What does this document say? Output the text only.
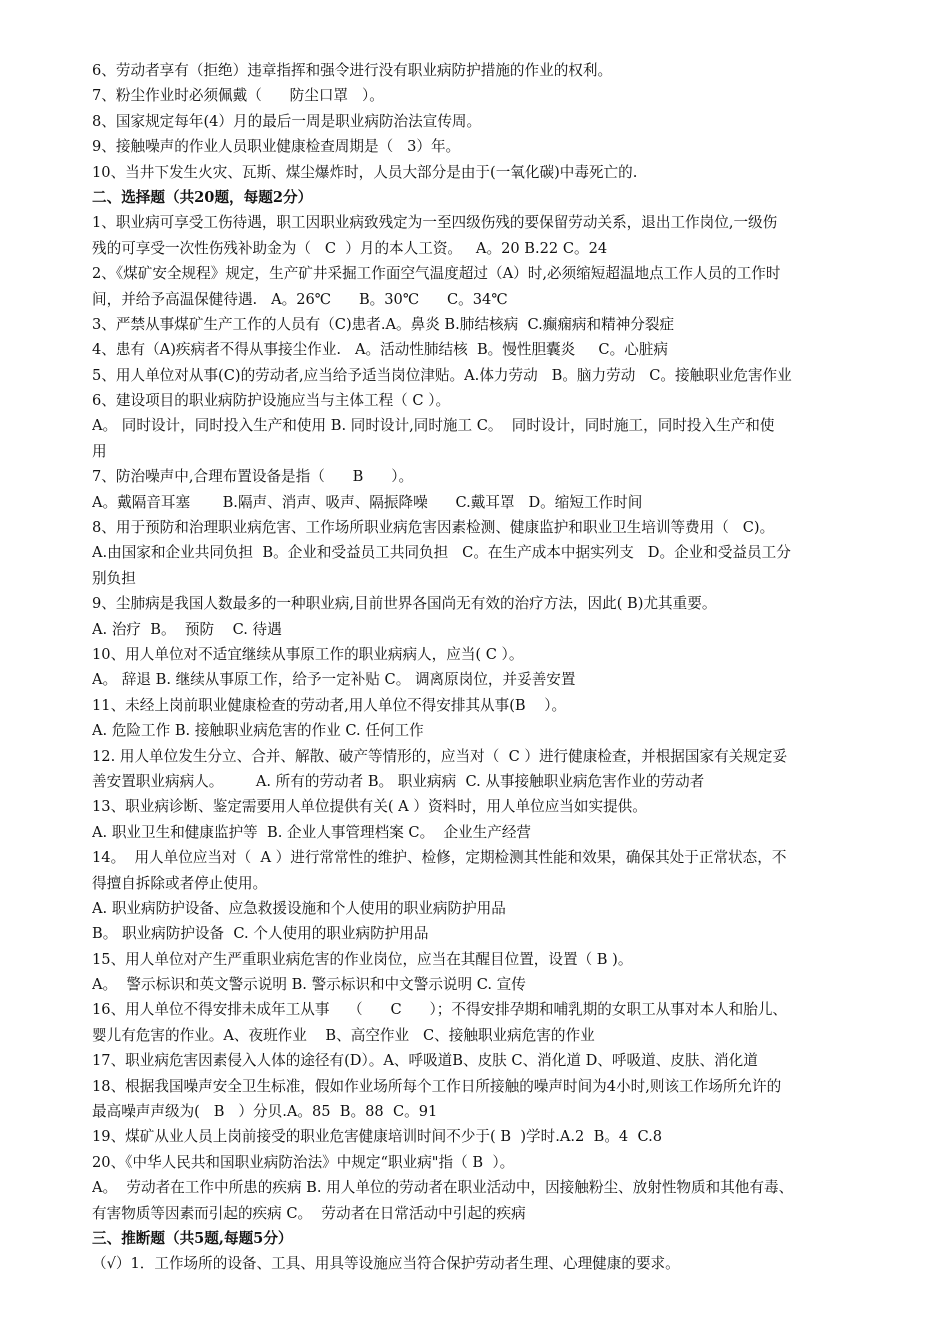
6、劳动者享有（拒绝）违章指挥和强令进行没有职业病防护措施的作业的权利。
7、粉尘作业时必须佩戴（      防尘口罩   ）。
8、国家规定每年(4）月的最后一周是职业病防治法宣传周。
9、接触噪声的作业人员职业健康检查周期是（   3）年。
10、当井下发生火灾、瓦斯、煤尘爆炸时，人员大部分是由于(一氧化碳)中毒死亡的.
二、选择题（共20题，每题2分）
1、职业病可享受工伤待遇，职工因职业病致残定为一至四级伤残的要保留劳动关系，退出工作岗位,一级伤
残的可享受一次性伤残补助金为（   C  ）月的本人工资。   A。20 B.22 C。24
2、《煤矿安全规程》规定，生产矿井采掘工作面空气温度超过（A）时,必须缩短超温地点工作人员的工作时
间，并给予高温保健待遇.   A。26℃      B。30℃      C。34℃
3、严禁从事煤矿生产工作的人员有（C)患者.A。鼻炎 B.肺结核病  C.癫痫病和精神分裂症
4、患有（A)疾病者不得从事接尘作业.   A。活动性肺结核  B。慢性胆囊炎     C。心脏病
5、用人单位对从事(C)的劳动者,应当给予适当岗位津贴。A.体力劳动   B。脑力劳动   C。接触职业危害作业
6、建设项目的职业病防护设施应当与主体工程（ C ）。
A。 同时设计，同时投入生产和使用 B. 同时设计,同时施工 C。  同时设计，同时施工，同时投入生产和使
用
7、防治噪声中,合理布置设备是指（      B      ）。
A。戴隔音耳塞       B.隔声、消声、吸声、隔振降噪      C.戴耳罩   D。缩短工作时间
8、用于预防和治理职业病危害、工作场所职业病危害因素检测、健康监护和职业卫生培训等费用（   C)。
A.由国家和企业共同负担  B。企业和受益员工共同负担   C。在生产成本中据实列支   D。企业和受益员工分
别负担
9、尘肺病是我国人数最多的一种职业病,目前世界各国尚无有效的治疗方法，因此( B)尤其重要。
A. 治疗  B。  预防    C. 待遇
10、用人单位对不适宜继续从事原工作的职业病病人，应当( C ）。
A。 辞退 B. 继续从事原工作，给予一定补贴 C。 调离原岗位，并妥善安置
11、未经上岗前职业健康检查的劳动者,用人单位不得安排其从事(B    ）。
A. 危险工作 B. 接触职业病危害的作业 C. 任何工作
12. 用人单位发生分立、合并、解散、破产等情形的，应当对（  C ）进行健康检查，并根据国家有关规定妥
善安置职业病病人。       A. 所有的劳动者 B。 职业病病  C. 从事接触职业病危害作业的劳动者
13、职业病诊断、鉴定需要用人单位提供有关( A ）资料时，用人单位应当如实提供。
A. 职业卫生和健康监护等  B. 企业人事管理档案 C。  企业生产经营
14。  用人单位应当对（  A ）进行常常性的维护、检修，定期检测其性能和效果，确保其处于正常状态，不
得擅自拆除或者停止使用。
A. 职业病防护设备、应急救援设施和个人使用的职业病防护用品
B。 职业病防护设备  C. 个人使用的职业病防护用品
15、用人单位对产生严重职业病危害的作业岗位，应当在其醒目位置，设置（ B )。
A。  警示标识和英文警示说明 B. 警示标识和中文警示说明 C. 宣传
16、用人单位不得安排未成年工从事    （      C      ）；不得安排孕期和哺乳期的女职工从事对本人和胎儿、
婴儿有危害的作业。A、夜班作业    B、高空作业   C、接触职业病危害的作业
17、职业病危害因素侵入人体的途径有(D）。A、呼吸道B、皮肤 C、消化道 D、呼吸道、皮肤、消化道
18、根据我国噪声安全卫生标准，假如作业场所每个工作日所接触的噪声时间为4小时,则该工作场所允许的
最高噪声声级为(   B   ）分贝.A。85  B。88  C。91
19、煤矿从业人员上岗前接受的职业危害健康培训时间不少于( B  )学时.A.2  B。4  C.8
20、《中华人民共和国职业病防治法》中规定“职业病"指（ B  ）。
A。  劳动者在工作中所患的疾病 B. 用人单位的劳动者在职业活动中，因接触粉尘、放射性物质和其他有毒、
有害物质等因素而引起的疾病 C。  劳动者在日常活动中引起的疾病
三、推断题（共5题,每题5分）
（√）1．工作场所的设备、工具、用具等设施应当符合保护劳动者生理、心理健康的要求。
